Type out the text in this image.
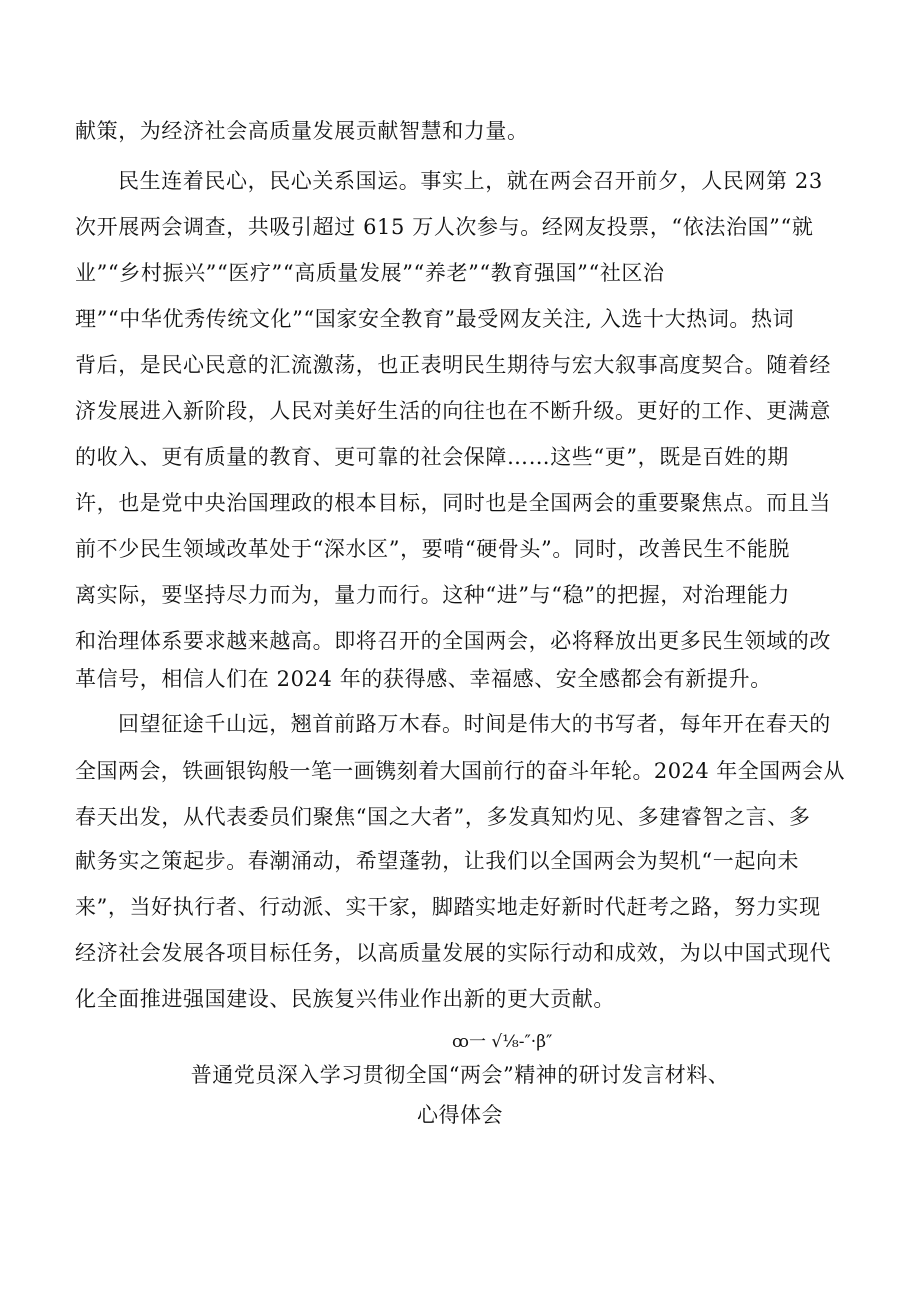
献策，为经济社会高质量发展贡献智慧和力量。
民生连着民心，民心关系国运。事实上，就在两会召开前夕，人民网第 23
次开展两会调查，共吸引超过 615 万人次参与。经网友投票，“依法治国”“就
业”“乡村振兴”“医疗”“高质量发展”“养老”“教育强国”“社区治
理”“中华优秀传统文化”“国家安全教育”最受网友关注, 入选十大热词。热词
背后，是民心民意的汇流激荡，也正表明民生期待与宏大叙事高度契合。随着经
济发展进入新阶段，人民对美好生活的向往也在不断升级。更好的工作、更满意
的收入、更有质量的教育、更可靠的社会保障……这些“更”，既是百姓的期
许，也是党中央治国理政的根本目标，同时也是全国两会的重要聚焦点。而且当
前不少民生领域改革处于“深水区”，要啃“硬骨头”。同时，改善民生不能脱
离实际，要坚持尽力而为，量力而行。这种“进”与“稳”的把握，对治理能力
和治理体系要求越来越高。即将召开的全国两会，必将释放出更多民生领域的改
革信号，相信人们在 2024 年的获得感、幸福感、安全感都会有新提升。
回望征途千山远，翘首前路万木春。时间是伟大的书写者，每年开在春天的
全国两会，铁画银钩般一笔一画镌刻着大国前行的奋斗年轮。2024 年全国两会从
春天出发，从代表委员们聚焦“国之大者”，多发真知灼见、多建睿智之言、多
献务实之策起步。春潮涌动，希望蓬勃，让我们以全国两会为契机“一起向未
来”，当好执行者、行动派、实干家，脚踏实地走好新时代赶考之路，努力实现
经济社会发展各项目标任务，以高质量发展的实际行动和成效，为以中国式现代
化全面推进强国建设、民族复兴伟业作出新的更大贡献。
ꝏ一 √⅛-″·β″
普通党员深入学习贯彻全国“两会”精神的研讨发言材料、
心得体会
